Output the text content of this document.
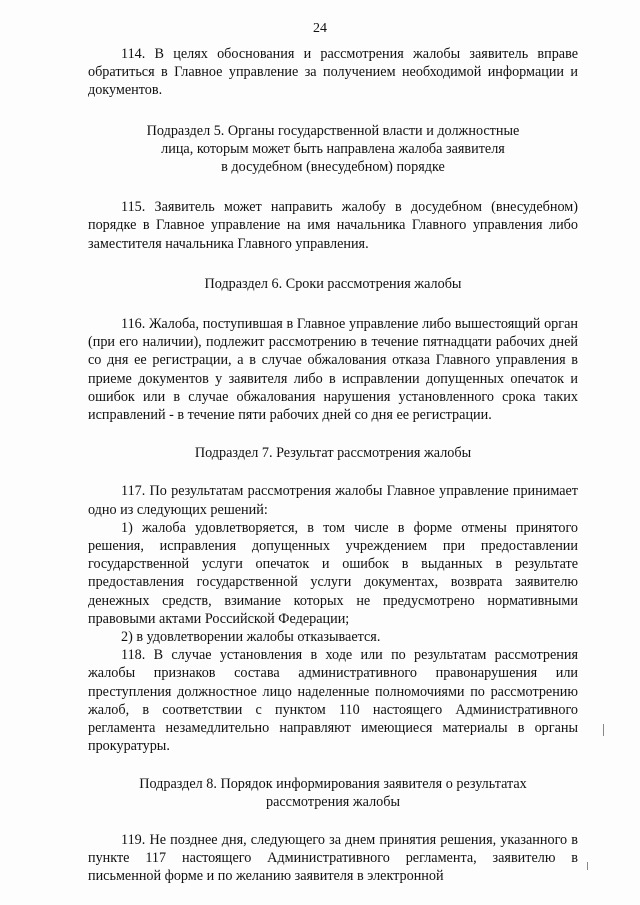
24

114. В целях обоснования и рассмотрения жалобы заявитель вправе обратиться в Главное управление за получением необходимой информации и документов.

Подраздел 5. Органы государственной власти и должностные
лица, которым может быть направлена жалоба заявителя
в досудебном (внесудебном) порядке

115. Заявитель может направить жалобу в досудебном (внесудебном) порядке в Главное управление на имя начальника Главного управления либо заместителя начальника Главного управления.

Подраздел 6. Сроки рассмотрения жалобы

116. Жалоба, поступившая в Главное управление либо вышестоящий орган (при его наличии), подлежит рассмотрению в течение пятнадцати рабочих дней со дня ее регистрации, а в случае обжалования отказа Главного управления в приеме документов у заявителя либо в исправлении допущенных опечаток и ошибок или в случае обжалования нарушения установленного срока таких исправлений - в течение пяти рабочих дней со дня ее регистрации.

Подраздел 7. Результат рассмотрения жалобы

117. По результатам рассмотрения жалобы Главное управление принимает одно из следующих решений:

1) жалоба удовлетворяется, в том числе в форме отмены принятого решения, исправления допущенных учреждением при предоставлении государственной услуги опечаток и ошибок в выданных в результате предоставления государственной услуги документах, возврата заявителю денежных средств, взимание которых не предусмотрено нормативными правовыми актами Российской Федерации;

2) в удовлетворении жалобы отказывается.

118. В случае установления в ходе или по результатам рассмотрения жалобы признаков состава административного правонарушения или преступления должностное лицо наделенные полномочиями по рассмотрению жалоб, в соответствии с пунктом 110 настоящего Административного регламента незамедлительно направляют имеющиеся материалы в органы прокуратуры.

Подраздел 8. Порядок информирования заявителя о результатах
рассмотрения жалобы

119. Не позднее дня, следующего за днем принятия решения, указанного в пункте 117 настоящего Административного регламента, заявителю в письменной форме и по желанию заявителя в электронной
